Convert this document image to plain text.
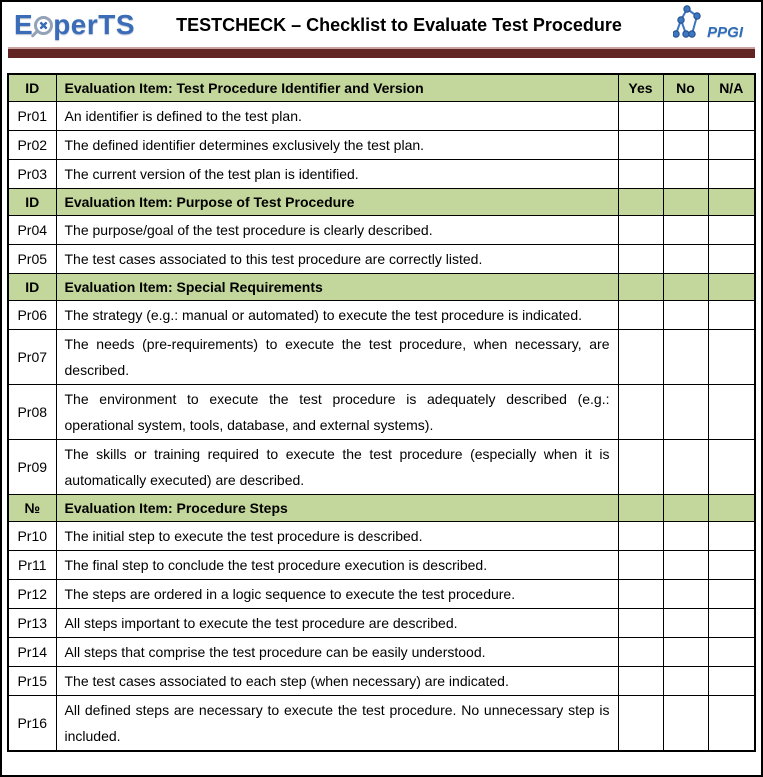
E perTS	TESTCHECK – Checklist to Evaluate Test Procedure	PPGI
ID	Evaluation Item: Test Procedure Identifier and Version	Yes	No	N/A
Pr01	An identifier is defined to the test plan.			
Pr02	The defined identifier determines exclusively the test plan.			
Pr03	The current version of the test plan is identified.			
ID	Evaluation Item: Purpose of Test Procedure			
Pr04	The purpose/goal of the test procedure is clearly described.			
Pr05	The test cases associated to this test procedure are correctly listed.			
ID	Evaluation Item: Special Requirements			
Pr06	The strategy (e.g.: manual or automated) to execute the test procedure is indicated.			
Pr07	The needs (pre-requirements) to execute the test procedure, when necessary, are described.			
Pr08	The environment to execute the test procedure is adequately described (e.g.: operational system, tools, database, and external systems).			
Pr09	The skills or training required to execute the test procedure (especially when it is automatically executed) are described.			
№	Evaluation Item: Procedure Steps			
Pr10	The initial step to execute the test procedure is described.			
Pr11	The final step to conclude the test procedure execution is described.			
Pr12	The steps are ordered in a logic sequence to execute the test procedure.			
Pr13	All steps important to execute the test procedure are described.			
Pr14	All steps that comprise the test procedure can be easily understood.			
Pr15	The test cases associated to each step (when necessary) are indicated.			
Pr16	All defined steps are necessary to execute the test procedure. No unnecessary step is included.			
